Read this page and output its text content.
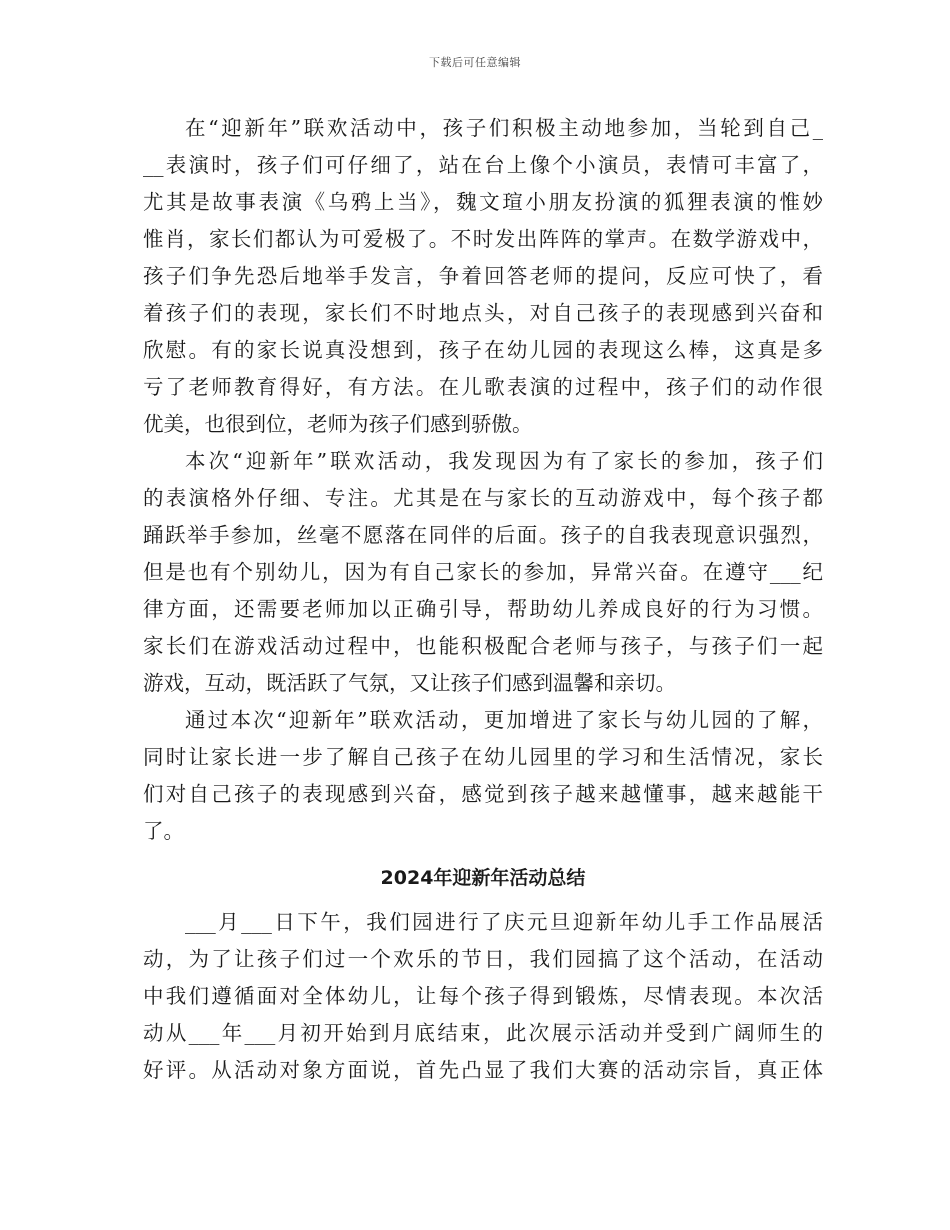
下载后可任意编辑
在“迎新年”联欢活动中，孩子们积极主动地参加，当轮到自己_
__表演时，孩子们可仔细了，站在台上像个小演员，表情可丰富了，
尤其是故事表演《乌鸦上当》，魏文瑄小朋友扮演的狐狸表演的惟妙
惟肖，家长们都认为可爱极了。不时发出阵阵的掌声。在数学游戏中，
孩子们争先恐后地举手发言，争着回答老师的提问，反应可快了，看
着孩子们的表现，家长们不时地点头，对自己孩子的表现感到兴奋和
欣慰。有的家长说真没想到，孩子在幼儿园的表现这么棒，这真是多
亏了老师教育得好，有方法。在儿歌表演的过程中，孩子们的动作很
优美，也很到位，老师为孩子们感到骄傲。
本次“迎新年”联欢活动，我发现因为有了家长的参加，孩子们
的表演格外仔细、专注。尤其是在与家长的互动游戏中，每个孩子都
踊跃举手参加，丝毫不愿落在同伴的后面。孩子的自我表现意识强烈，
但是也有个别幼儿，因为有自己家长的参加，异常兴奋。在遵守___纪
律方面，还需要老师加以正确引导，帮助幼儿养成良好的行为习惯。
家长们在游戏活动过程中，也能积极配合老师与孩子，与孩子们一起
游戏，互动，既活跃了气氛，又让孩子们感到温馨和亲切。
通过本次“迎新年”联欢活动，更加增进了家长与幼儿园的了解，
同时让家长进一步了解自己孩子在幼儿园里的学习和生活情况，家长
们对自己孩子的表现感到兴奋，感觉到孩子越来越懂事，越来越能干
了。
2024年迎新年活动总结
___月___日下午，我们园进行了庆元旦迎新年幼儿手工作品展活
动，为了让孩子们过一个欢乐的节日，我们园搞了这个活动，在活动
中我们遵循面对全体幼儿，让每个孩子得到锻炼，尽情表现。本次活
动从___年___月初开始到月底结束，此次展示活动并受到广阔师生的
好评。从活动对象方面说，首先凸显了我们大赛的活动宗旨，真正体
